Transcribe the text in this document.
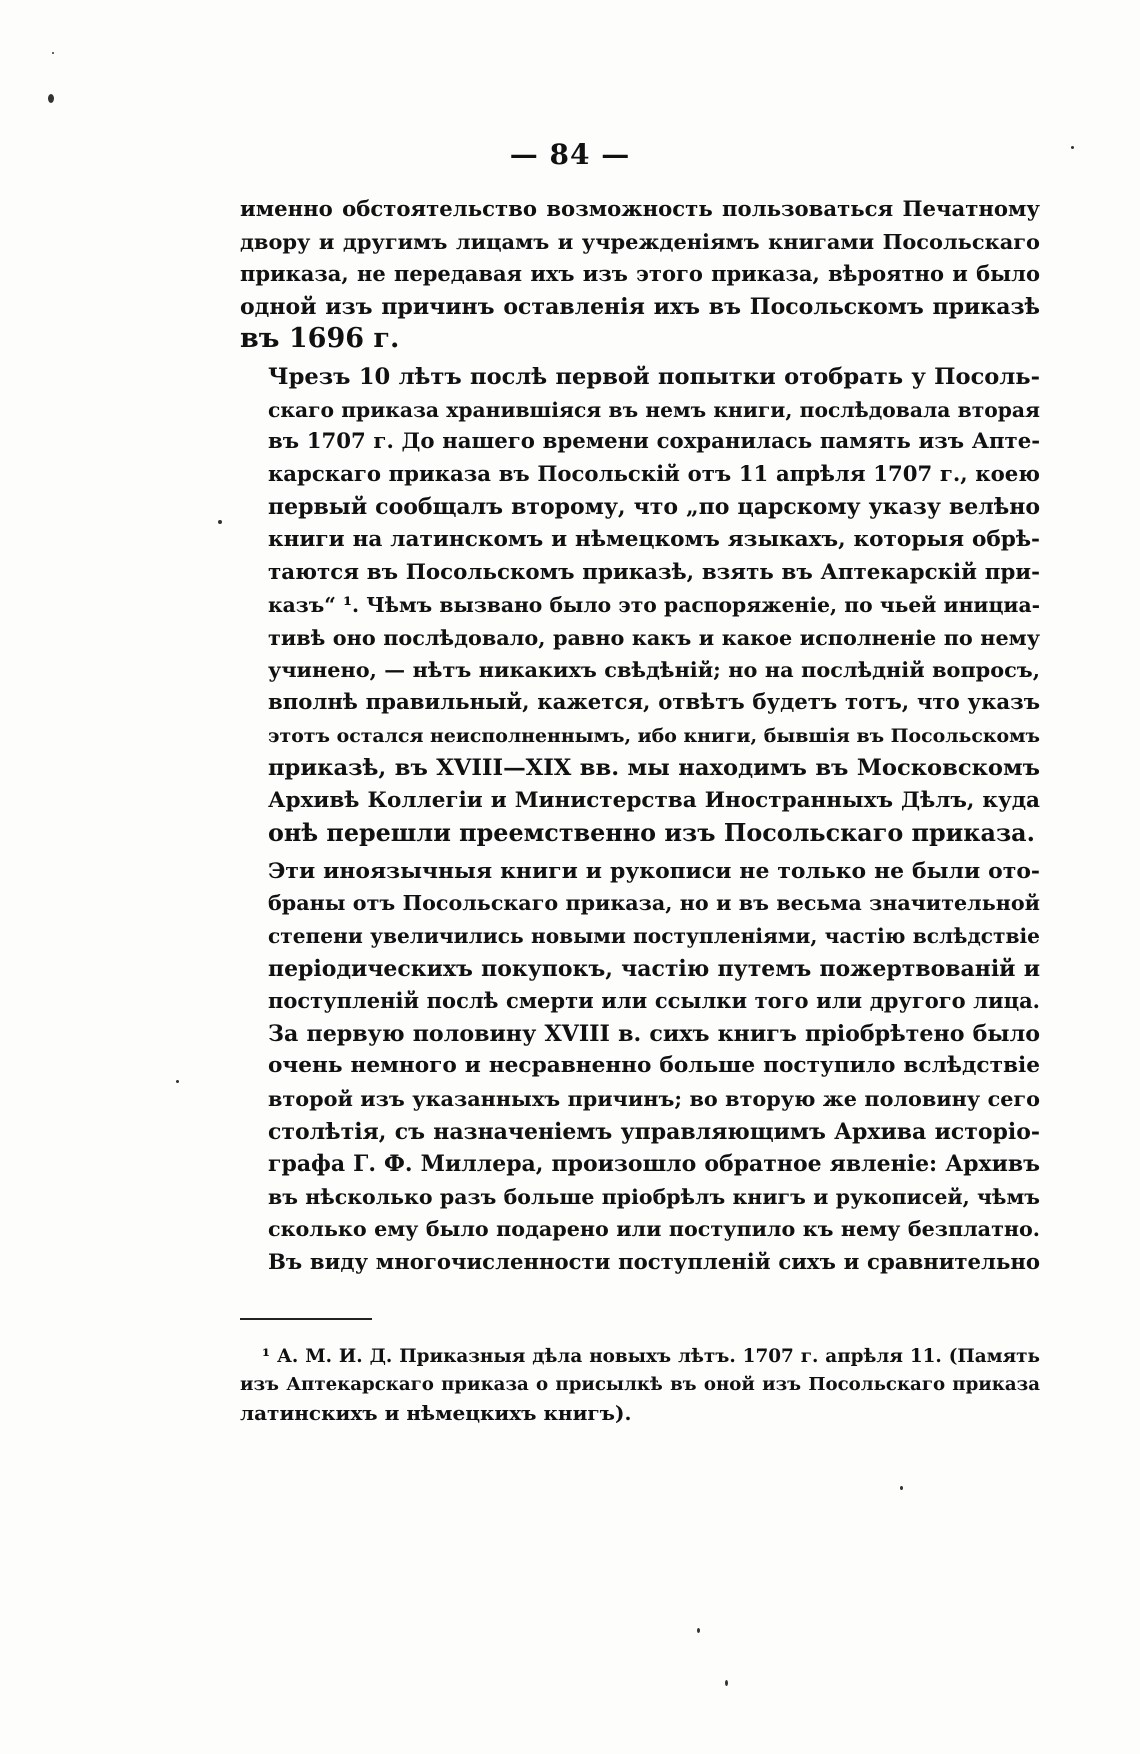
— 84 —

именно обстоятельство возможность пользоваться Печатному
двору и другимъ лицамъ и учрежденіямъ книгами Посольскаго
приказа, не передавая ихъ изъ этого приказа, вѣроятно и было
одной изъ причинъ оставленія ихъ въ Посольскомъ приказѣ
въ 1696 г.

Чрезъ 10 лѣтъ послѣ первой попытки отобрать у Посоль-
скаго приказа хранившіяся въ немъ книги, послѣдовала вторая
въ 1707 г. До нашего времени сохранилась память изъ Апте-
карскаго приказа въ Посольскій отъ 11 апрѣля 1707 г., коею
первый сообщалъ второму, что „по царскому указу велѣно
книги на латинскомъ и нѣмецкомъ языкахъ, которыя обрѣ-
таются въ Посольскомъ приказѣ, взять въ Аптекарскій при-
казъ“ ¹. Чѣмъ вызвано было это распоряженіе, по чьей инициа-
тивѣ оно послѣдовало, равно какъ и какое исполненіе по нему
учинено, — нѣтъ никакихъ свѣдѣній; но на послѣдній вопросъ,
вполнѣ правильный, кажется, отвѣтъ будетъ тотъ, что указъ
этотъ остался неисполненнымъ, ибо книги, бывшія въ Посольскомъ
приказѣ, въ XVIII—XIX вв. мы находимъ въ Московскомъ
Архивѣ Коллегіи и Министерства Иностранныхъ Дѣлъ, куда
онѣ перешли преемственно изъ Посольскаго приказа.

Эти иноязычныя книги и рукописи не только не были ото-
браны отъ Посольскаго приказа, но и въ весьма значительной
степени увеличились новыми поступленіями, частію вслѣдствіе
періодическихъ покупокъ, частію путемъ пожертвованій и
поступленій послѣ смерти или ссылки того или другого лица.
За первую половину XVIII в. сихъ книгъ пріобрѣтено было
очень немного и несравненно больше поступило вслѣдствіе
второй изъ указанныхъ причинъ; во вторую же половину сего
столѣтія, съ назначеніемъ управляющимъ Архива исторіо-
графа Г. Ф. Миллера, произошло обратное явленіе: Архивъ
въ нѣсколько разъ больше пріобрѣлъ книгъ и рукописей, чѣмъ
сколько ему было подарено или поступило къ нему безплатно.
Въ виду многочисленности поступленій сихъ и сравнительно

¹ А. М. И. Д. Приказныя дѣла новыхъ лѣтъ. 1707 г. апрѣля 11. (Память
изъ Аптекарскаго приказа о присылкѣ въ оной изъ Посольскаго приказа
латинскихъ и нѣмецкихъ книгъ).
